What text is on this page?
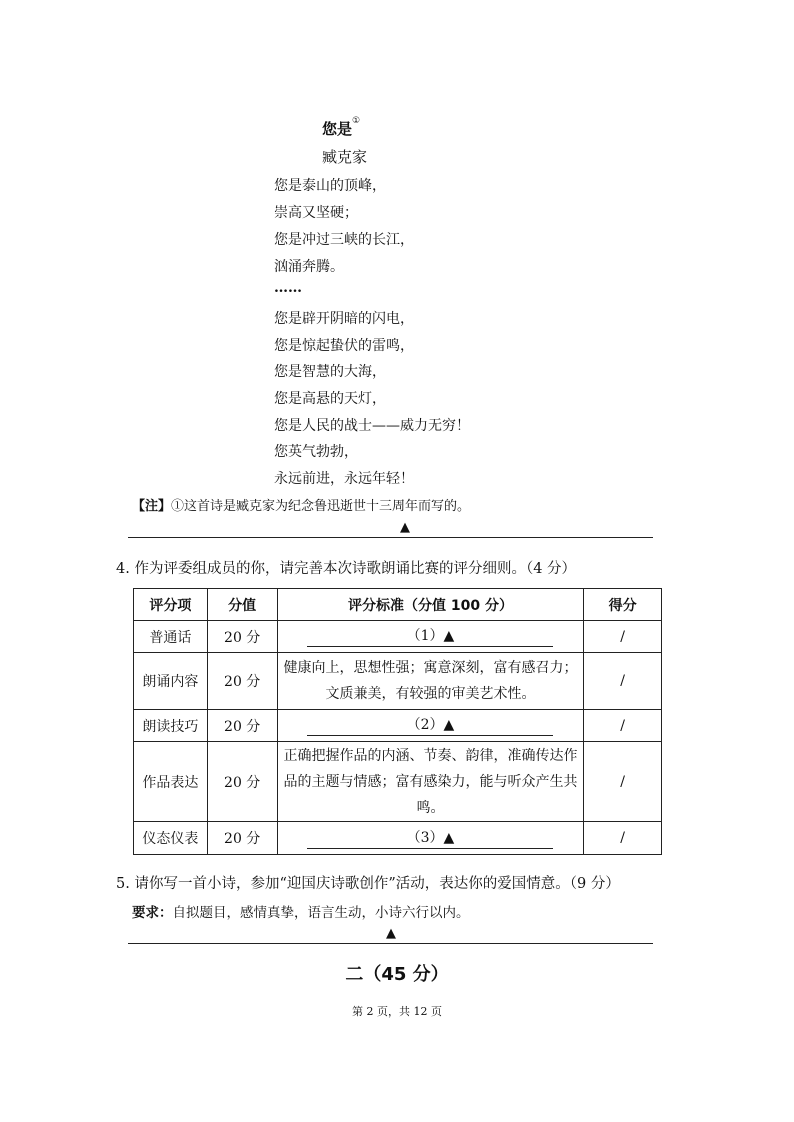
您是①
臧克家
您是泰山的顶峰，
崇高又坚硬；
您是冲过三峡的长江，
汹涌奔腾。
……
您是辟开阴暗的闪电，
您是惊起蛰伏的雷鸣，
您是智慧的大海，
您是高悬的天灯，
您是人民的战士——威力无穷！
您英气勃勃，
永远前进，永远年轻！
【注】①这首诗是臧克家为纪念鲁迅逝世十三周年而写的。
▲
4. 作为评委组成员的你，请完善本次诗歌朗诵比赛的评分细则。（4 分）
评分项	分值	评分标准（分值 100 分）	得分
普通话	20 分	（1）▲	/
朗诵内容	20 分	健康向上，思想性强；寓意深刻，富有感召力；文质兼美，有较强的审美艺术性。	/
朗读技巧	20 分	（2）▲	/
作品表达	20 分	正确把握作品的内涵、节奏、韵律，准确传达作品的主题与情感；富有感染力，能与听众产生共鸣。	/
仪态仪表	20 分	（3）▲	/
5. 请你写一首小诗，参加“迎国庆诗歌创作”活动，表达你的爱国情意。（9 分）
要求：自拟题目，感情真挚，语言生动，小诗六行以内。
▲
二（45 分）
第 2 页，共 12 页
